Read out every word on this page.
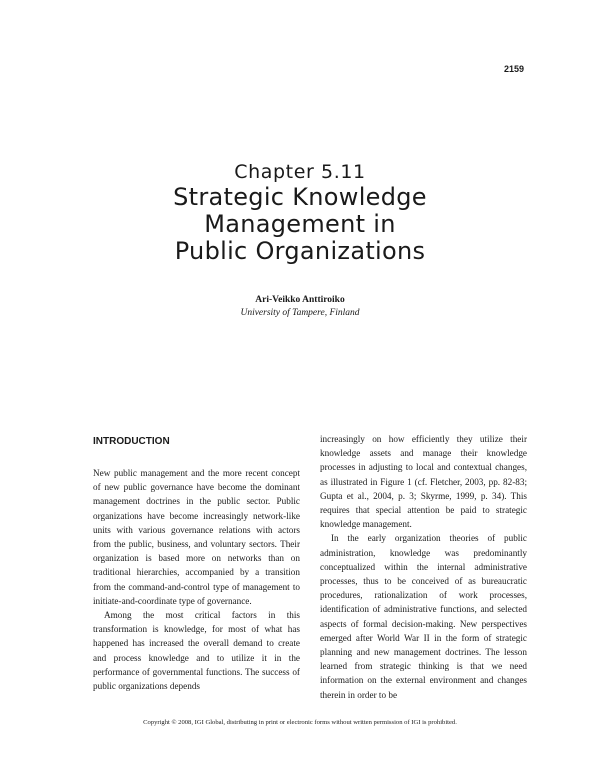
2159
Chapter 5.11
Strategic Knowledge
Management in
Public Organizations
Ari-Veikko Anttiroiko
University of Tampere, Finland
INTRODUCTION

New public management and the more recent concept of new public governance have become the dominant management doctrines in the public sector. Public organizations have become increasingly network-like units with various governance relations with actors from the public, business, and voluntary sectors. Their organization is based more on networks than on traditional hierarchies, accompanied by a transition from the command-and-control type of management to initiate-and-coordinate type of governance.

Among the most critical factors in this transformation is knowledge, for most of what has happened has increased the overall demand to create and process knowledge and to utilize it in the performance of governmental functions. The success of public organizations depends

increasingly on how efficiently they utilize their knowledge assets and manage their knowledge processes in adjusting to local and contextual changes, as illustrated in Figure 1 (cf. Fletcher, 2003, pp. 82-83; Gupta et al., 2004, p. 3; Skyrme, 1999, p. 34). This requires that special attention be paid to strategic knowledge management.

In the early organization theories of public administration, knowledge was predominantly conceptualized within the internal administrative processes, thus to be conceived of as bureaucratic procedures, rationalization of work processes, identification of administrative functions, and selected aspects of formal decision-making. New perspectives emerged after World War II in the form of strategic planning and new management doctrines. The lesson learned from strategic thinking is that we need information on the external environment and changes therein in order to be

Copyright © 2008, IGI Global, distributing in print or electronic forms without written permission of IGI is prohibited.
